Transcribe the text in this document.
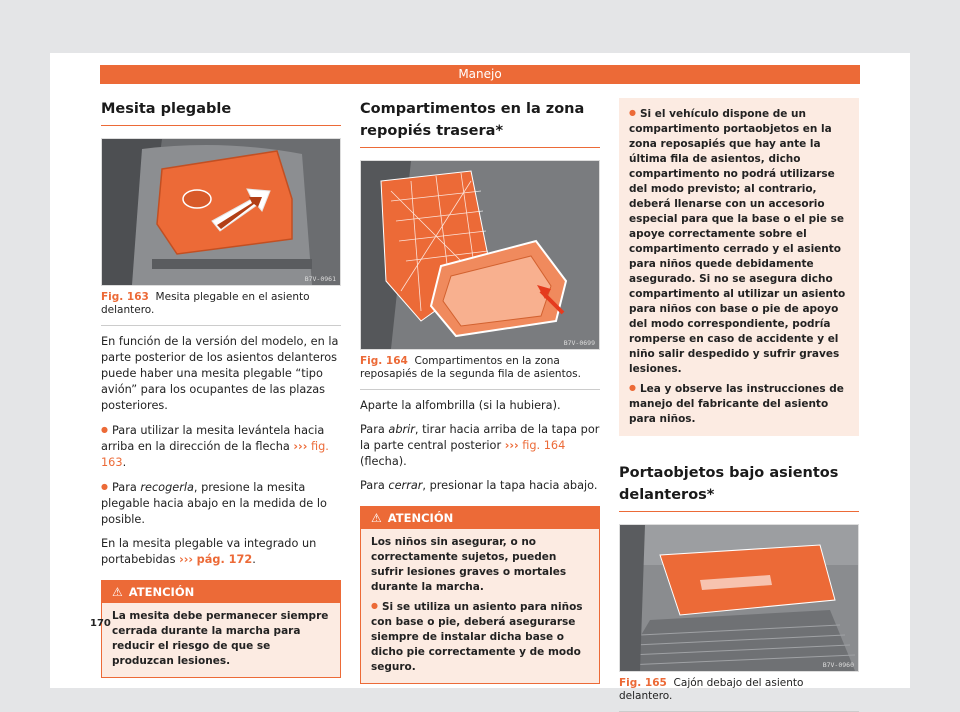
Manejo
Mesita plegable
B7V-0961
Fig. 163 Mesita plegable en el asiento delantero.

En función de la versión del modelo, en la parte posterior de los asientos delanteros puede haber una mesita plegable “tipo avión” para los ocupantes de las plazas posteriores.

● Para utilizar la mesita levántela hacia arriba en la dirección de la flecha ››› fig. 163.

● Para recogerla, presione la mesita plegable hacia abajo en la medida de lo posible.

En la mesita plegable va integrado un portabebidas ››› pág. 172.

⚠ ATENCIÓN
La mesita debe permanecer siempre cerrada durante la marcha para reducir el riesgo de que se produzcan lesiones.
Compartimentos en la zona repopiés trasera*
B7V-0699
Fig. 164 Compartimentos en la zona reposapiés de la segunda fila de asientos.

Aparte la alfombrilla (si la hubiera).

Para abrir, tirar hacia arriba de la tapa por la parte central posterior ››› fig. 164 (flecha).

Para cerrar, presionar la tapa hacia abajo.

⚠ ATENCIÓN
Los niños sin asegurar, o no correctamente sujetos, pueden sufrir lesiones graves o mortales durante la marcha.
● Si se utiliza un asiento para niños con base o pie, deberá asegurarse siempre de instalar dicha base o dicho pie correctamente y de modo seguro.
● Si el vehículo dispone de un compartimento portaobjetos en la zona reposapiés que hay ante la última fila de asientos, dicho compartimento no podrá utilizarse del modo previsto; al contrario, deberá llenarse con un accesorio especial para que la base o el pie se apoye correctamente sobre el compartimento cerrado y el asiento para niños quede debidamente asegurado. Si no se asegura dicho compartimento al utilizar un asiento para niños con base o pie de apoyo del modo correspondiente, podría romperse en caso de accidente y el niño salir despedido y sufrir graves lesiones.
● Lea y observe las instrucciones de manejo del fabricante del asiento para niños.
Portaobjetos bajo asientos delanteros*
B7V-0960
Fig. 165 Cajón debajo del asiento delantero.
170
